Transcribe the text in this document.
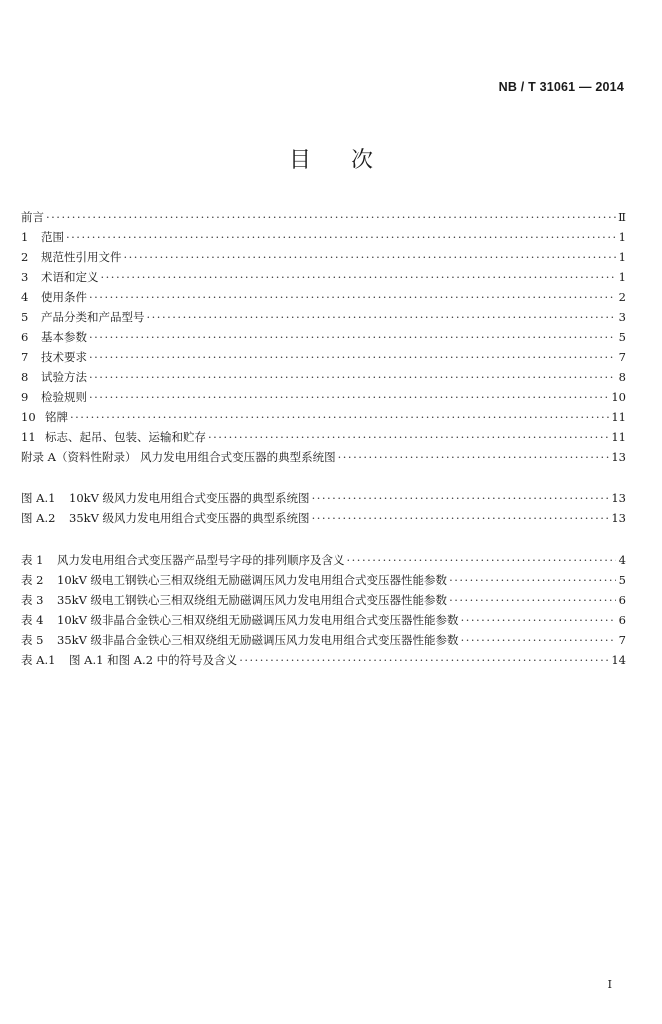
NB / T 31061 — 2014
目次
前言 ·····	Ⅱ
1	范围 ·····	1
2	规范性引用文件 ·····	1
3	术语和定义 ·····	1
4	使用条件 ·····	2
5	产品分类和产品型号 ·····	3
6	基本参数 ·····	5
7	技术要求 ·····	7
8	试验方法 ·····	8
9	检验规则 ·····	10
10 铭牌 ·····	11
11 标志、起吊、包装、运输和贮存 ·····	11
附录 A（资料性附录） 风力发电用组合式变压器的典型系统图 ·····	13
图 A.1	10kV 级风力发电用组合式变压器的典型系统图 ·····	13
图 A.2	35kV 级风力发电用组合式变压器的典型系统图 ·····	13
表 1	风力发电用组合式变压器产品型号字母的排列顺序及含义 ·····	4
表 2	10kV 级电工钢铁心三相双绕组无励磁调压风力发电用组合式变压器性能参数 ·····	5
表 3	35kV 级电工钢铁心三相双绕组无励磁调压风力发电用组合式变压器性能参数 ·····	6
表 4	10kV 级非晶合金铁心三相双绕组无励磁调压风力发电用组合式变压器性能参数 ·····	6
表 5	35kV 级非晶合金铁心三相双绕组无励磁调压风力发电用组合式变压器性能参数 ·····	7
表 A.1	图 A.1 和图 A.2 中的符号及含义 ·····	14
I
